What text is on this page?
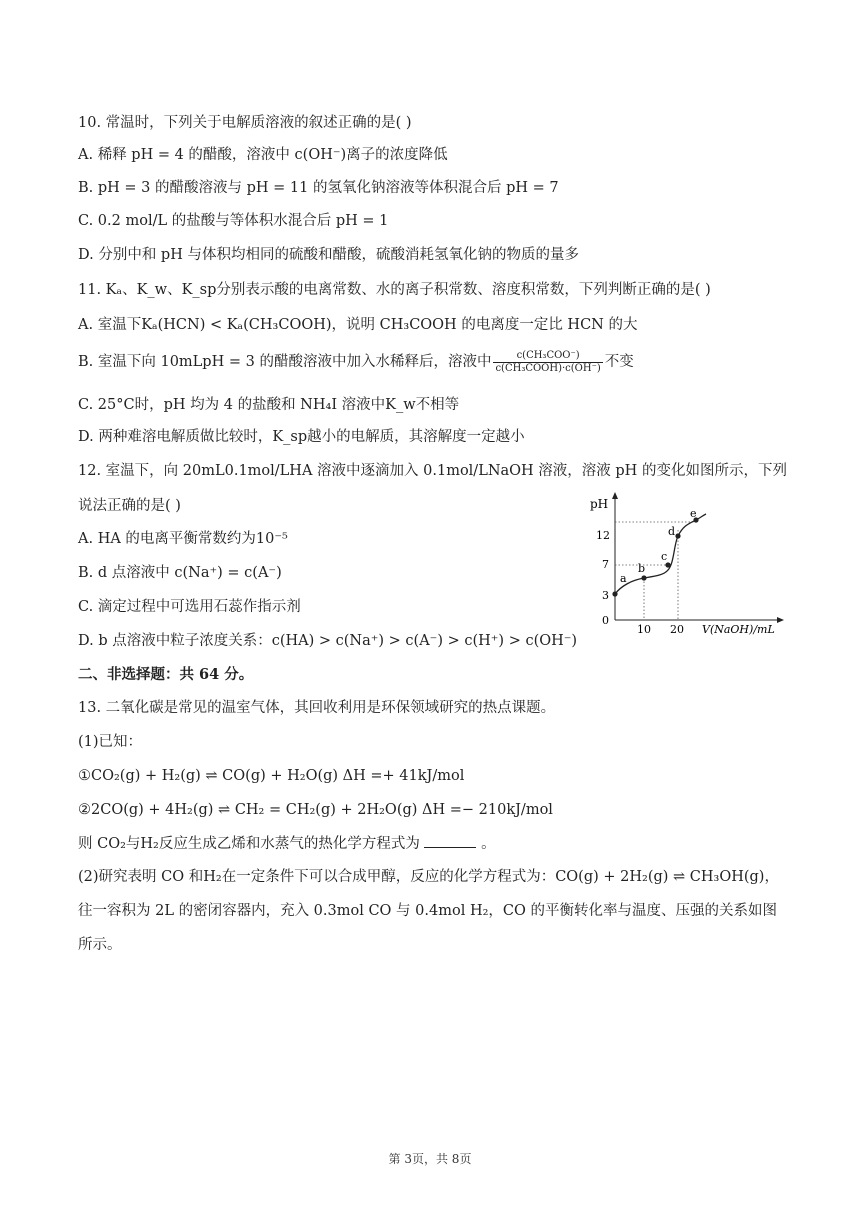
10. 常温时，下列关于电解质溶液的叙述正确的是( )
A. 稀释 pH = 4 的醋酸，溶液中 c(OH⁻)离子的浓度降低
B. pH = 3 的醋酸溶液与 pH = 11 的氢氧化钠溶液等体积混合后 pH = 7
C. 0.2 mol/L 的盐酸与等体积水混合后 pH = 1
D. 分别中和 pH 与体积均相同的硫酸和醋酸，硫酸消耗氢氧化钠的物质的量多
11. Kₐ、K_w、K_sp分别表示酸的电离常数、水的离子积常数、溶度积常数，下列判断正确的是( )
A. 室温下Kₐ(HCN) < Kₐ(CH₃COOH)，说明 CH₃COOH 的电离度一定比 HCN 的大
B. 室温下向 10mLpH = 3 的醋酸溶液中加入水稀释后，溶液中 $\frac{\text{c(CH₃COO⁻)}}{\text{c(CH₃COOH)·c(OH⁻)}}$ 不变
C. 25°C时，pH 均为 4 的盐酸和 NH₄I 溶液中K_w不相等
D. 两种难溶电解质做比较时，K_sp越小的电解质，其溶解度一定越小
12. 室温下，向 20mL0.1mol/LHA 溶液中逐滴加入 0.1mol/LNaOH 溶液，溶液 pH 的变化如图所示，下列
说法正确的是( )
A. HA 的电离平衡常数约为10⁻⁵
B. d 点溶液中 c(Na⁺) = c(A⁻)
C. 滴定过程中可选用石蕊作指示剂
D. b 点溶液中粒子浓度关系：c(HA) > c(Na⁺) > c(A⁻) > c(H⁺) > c(OH⁻)
pH
0
3
7
12
10 20 V(NaOH)/mL
a
b
c
d
e
二、非选择题：共 64 分。
13. 二氧化碳是常见的温室气体，其回收利用是环保领域研究的热点课题。
(1)已知：
①CO₂(g) + H₂(g) ⇌ CO(g) + H₂O(g) ΔH =+ 41kJ/mol
②2CO(g) + 4H₂(g) ⇌ CH₂ = CH₂(g) + 2H₂O(g) ΔH =− 210kJ/mol
则 CO₂与H₂反应生成乙烯和水蒸气的热化学方程式为	。
(2)研究表明 CO 和H₂在一定条件下可以合成甲醇，反应的化学方程式为：CO(g) + 2H₂(g) ⇌ CH₃OH(g)，
往一容积为 2L 的密闭容器内，充入 0.3mol CO 与 0.4mol H₂，CO 的平衡转化率与温度、压强的关系如图
所示。
第 3页，共 8页
